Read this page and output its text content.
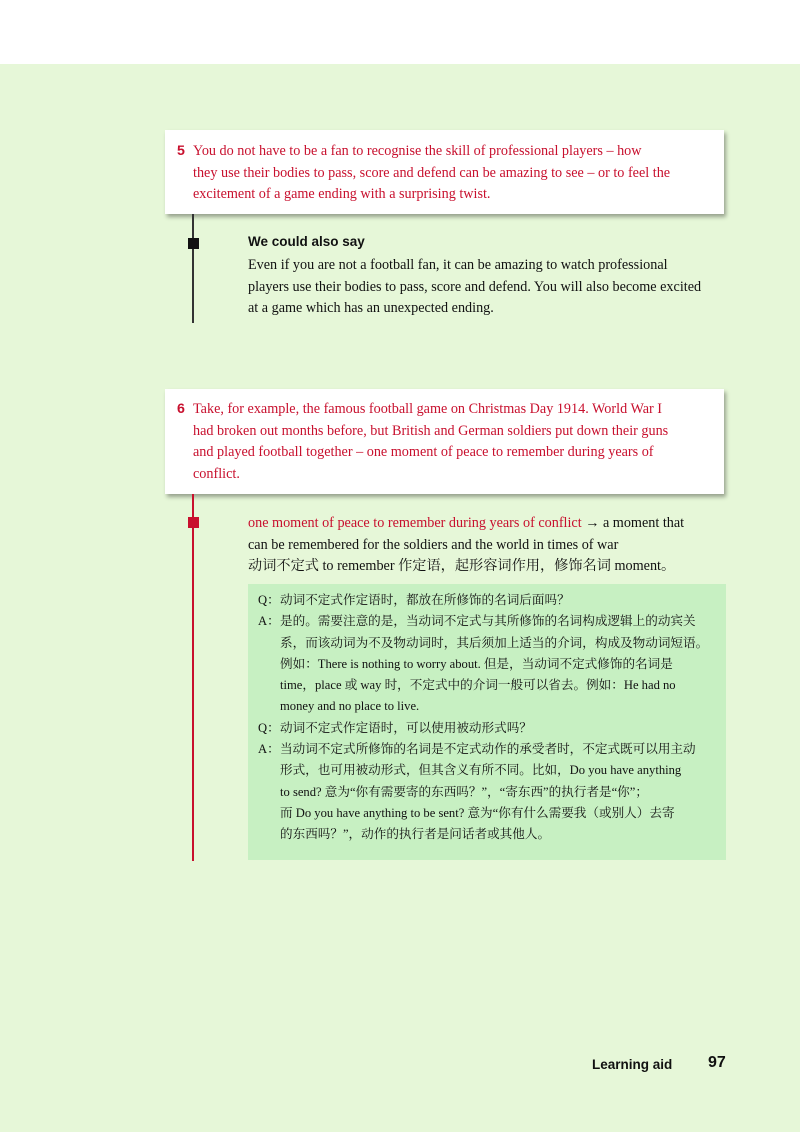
5 You do not have to be a fan to recognise the skill of professional players – how
they use their bodies to pass, score and defend can be amazing to see – or to feel the
excitement of a game ending with a surprising twist.
We could also say
Even if you are not a football fan, it can be amazing to watch professional
players use their bodies to pass, score and defend. You will also become excited
at a game which has an unexpected ending.
6 Take, for example, the famous football game on Christmas Day 1914. World War I
had broken out months before, but British and German soldiers put down their guns
and played football together – one moment of peace to remember during years of
conflict.
one moment of peace to remember during years of conflict → a moment that
can be remembered for the soldiers and the world in times of war
动词不定式 to remember 作定语，起形容词作用，修饰名词 moment。
Q： 动词不定式作定语时，都放在所修饰的名词后面吗？
A： 是的。需要注意的是，当动词不定式与其所修饰的名词构成逻辑上的动宾关
系，而该动词为不及物动词时，其后须加上适当的介词，构成及物动词短语。
例如：There is nothing to worry about. 但是，当动词不定式修饰的名词是
time，place 或 way 时，不定式中的介词一般可以省去。例如：He had no
money and no place to live.
Q： 动词不定式作定语时，可以使用被动形式吗？
A： 当动词不定式所修饰的名词是不定式动作的承受者时，不定式既可以用主动
形式，也可用被动形式，但其含义有所不同。比如，Do you have anything
to send? 意为“你有需要寄的东西吗？”，“寄东西”的执行者是“你”；
而 Do you have anything to be sent? 意为“你有什么需要我（或别人）去寄
的东西吗？”，动作的执行者是问话者或其他人。
Learning aid 97
